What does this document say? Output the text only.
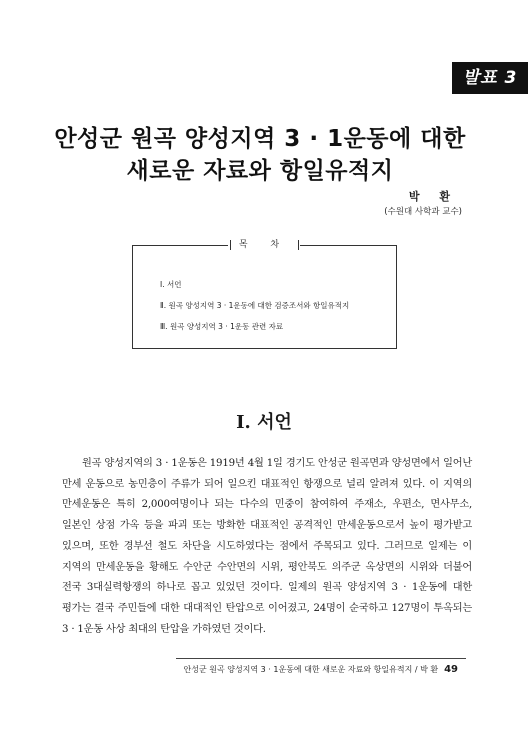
발표 3
안성군 원곡 양성지역 3 · 1운동에 대한
새로운 자료와 항일유적지
박 환
(수원대 사학과 교수)
목 차
Ⅰ. 서언
Ⅱ. 원곡 양성지역 3 · 1운동에 대한 검증조서와 항일유적지
Ⅲ. 원곡 양성지역 3 · 1운동 관련 자료
Ⅰ. 서언
원곡 양성지역의 3 · 1운동은 1919년 4월 1일 경기도 안성군 원곡면과 양성면에서 일어난 만세 운동으로 농민층이 주류가 되어 일으킨 대표적인 항쟁으로 널리 알려져 있다. 이 지역의 만세운동은 특히 2,000여명이나 되는 다수의 민중이 참여하여 주재소, 우편소, 면사무소, 일본인 상점 가옥 등을 파괴 또는 방화한 대표적인 공격적인 만세운동으로서 높이 평가받고 있으며, 또한 경부선 철도 차단을 시도하였다는 점에서 주목되고 있다. 그러므로 일제는 이 지역의 만세운동을 황해도 수안군 수안면의 시위, 평안북도 의주군 옥상면의 시위와 더불어 전국 3대실력항쟁의 하나로 꼽고 있었던 것이다. 일제의 원곡 양성지역 3 · 1운동에 대한 평가는 결국 주민들에 대한 대대적인 탄압으로 이어졌고, 24명이 순국하고 127명이 투옥되는 3 · 1운동 사상 최대의 탄압을 가하였던 것이다.
안성군 원곡 양성지역 3 · 1운동에 대한 새로운 자료와 항일유적지 / 박 환 49
